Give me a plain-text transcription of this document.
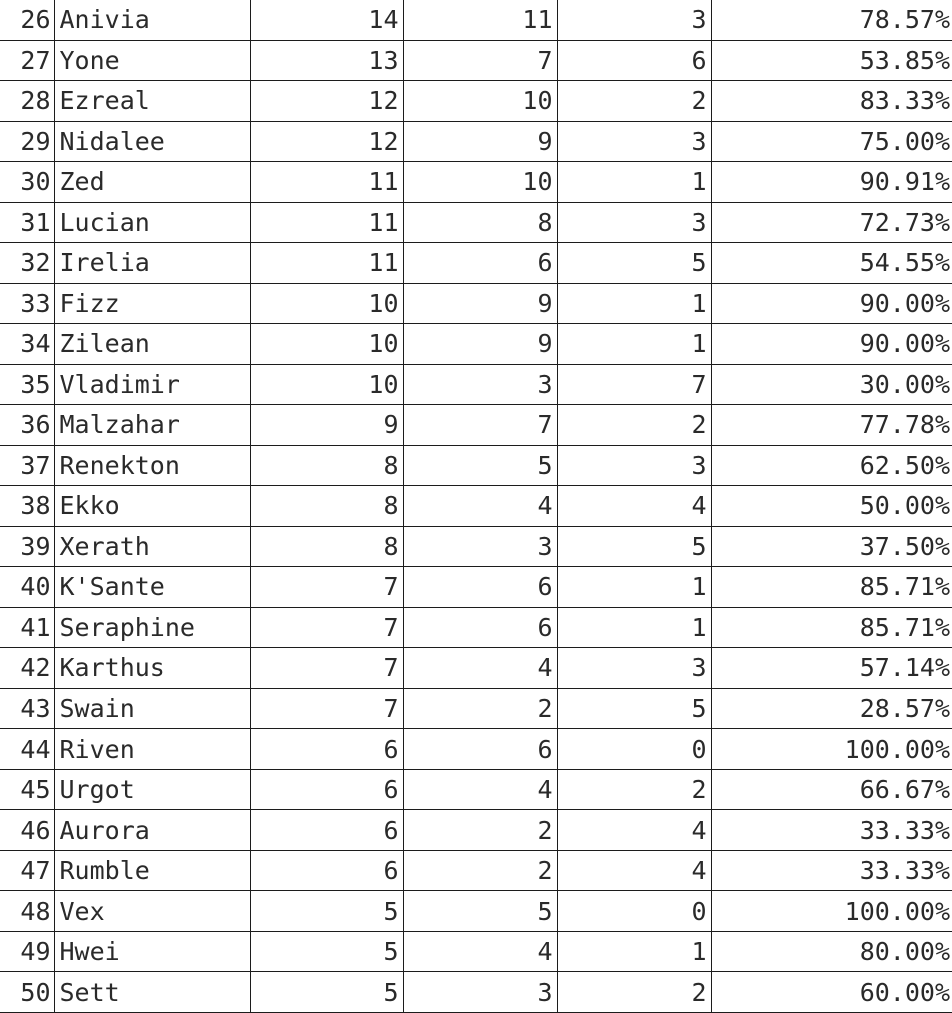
26	Anivia	14	11	3	78.57%
27	Yone	13	7	6	53.85%
28	Ezreal	12	10	2	83.33%
29	Nidalee	12	9	3	75.00%
30	Zed	11	10	1	90.91%
31	Lucian	11	8	3	72.73%
32	Irelia	11	6	5	54.55%
33	Fizz	10	9	1	90.00%
34	Zilean	10	9	1	90.00%
35	Vladimir	10	3	7	30.00%
36	Malzahar	9	7	2	77.78%
37	Renekton	8	5	3	62.50%
38	Ekko	8	4	4	50.00%
39	Xerath	8	3	5	37.50%
40	K'Sante	7	6	1	85.71%
41	Seraphine	7	6	1	85.71%
42	Karthus	7	4	3	57.14%
43	Swain	7	2	5	28.57%
44	Riven	6	6	0	100.00%
45	Urgot	6	4	2	66.67%
46	Aurora	6	2	4	33.33%
47	Rumble	6	2	4	33.33%
48	Vex	5	5	0	100.00%
49	Hwei	5	4	1	80.00%
50	Sett	5	3	2	60.00%
